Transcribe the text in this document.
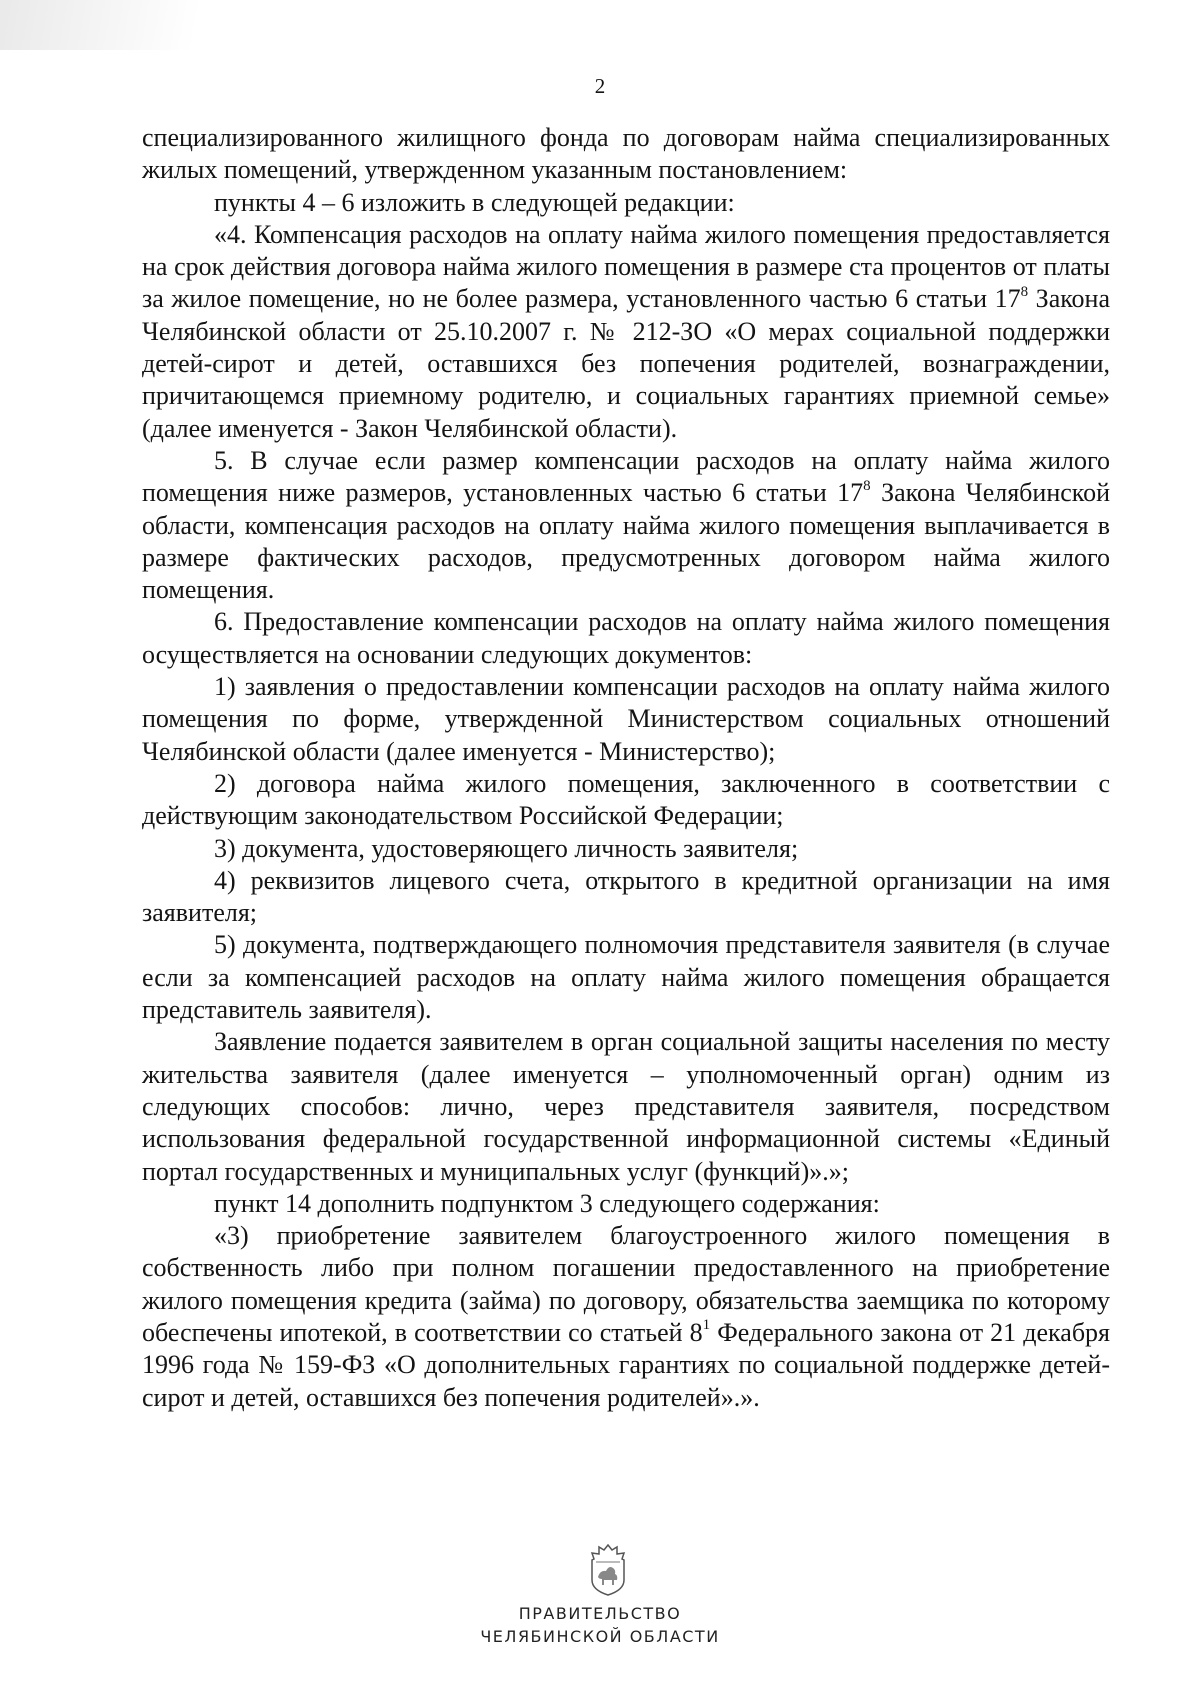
2

специализированного жилищного фонда по договорам найма специализированных жилых помещений, утвержденном указанным постановлением:

пункты 4 – 6 изложить в следующей редакции:

«4. Компенсация расходов на оплату найма жилого помещения предоставляется на срок действия договора найма жилого помещения в размере ста процентов от платы за жилое помещение, но не более размера, установленного частью 6 статьи $17^8$ Закона Челябинской области от 25.10.2007 г. № 212-ЗО «О мерах социальной поддержки детей-сирот и детей, оставшихся без попечения родителей, вознаграждении, причитающемся приемному родителю, и социальных гарантиях приемной семье» (далее именуется - Закон Челябинской области).

5. В случае если размер компенсации расходов на оплату найма жилого помещения ниже размеров, установленных частью 6 статьи $17^8$ Закона Челябинской области, компенсация расходов на оплату найма жилого помещения выплачивается в размере фактических расходов, предусмотренных договором найма жилого помещения.

6. Предоставление компенсации расходов на оплату найма жилого помещения осуществляется на основании следующих документов:

1) заявления о предоставлении компенсации расходов на оплату найма жилого помещения по форме, утвержденной Министерством социальных отношений Челябинской области (далее именуется - Министерство);

2) договора найма жилого помещения, заключенного в соответствии с действующим законодательством Российской Федерации;

3) документа, удостоверяющего личность заявителя;

4) реквизитов лицевого счета, открытого в кредитной организации на имя заявителя;

5) документа, подтверждающего полномочия представителя заявителя (в случае если за компенсацией расходов на оплату найма жилого помещения обращается представитель заявителя).

Заявление подается заявителем в орган социальной защиты населения по месту жительства заявителя (далее именуется – уполномоченный орган) одним из следующих способов: лично, через представителя заявителя, посредством использования федеральной государственной информационной системы «Единый портал государственных и муниципальных услуг (функций)».»;

пункт 14 дополнить подпунктом 3 следующего содержания:

«3) приобретение заявителем благоустроенного жилого помещения в собственность либо при полном погашении предоставленного на приобретение жилого помещения кредита (займа) по договору, обязательства заемщика по которому обеспечены ипотекой, в соответствии со статьей $8^1$ Федерального закона от 21 декабря 1996 года № 159-ФЗ «О дополнительных гарантиях по социальной поддержке детей-сирот и детей, оставшихся без попечения родителей».».

ПРАВИТЕЛЬСТВО
ЧЕЛЯБИНСКОЙ ОБЛАСТИ
